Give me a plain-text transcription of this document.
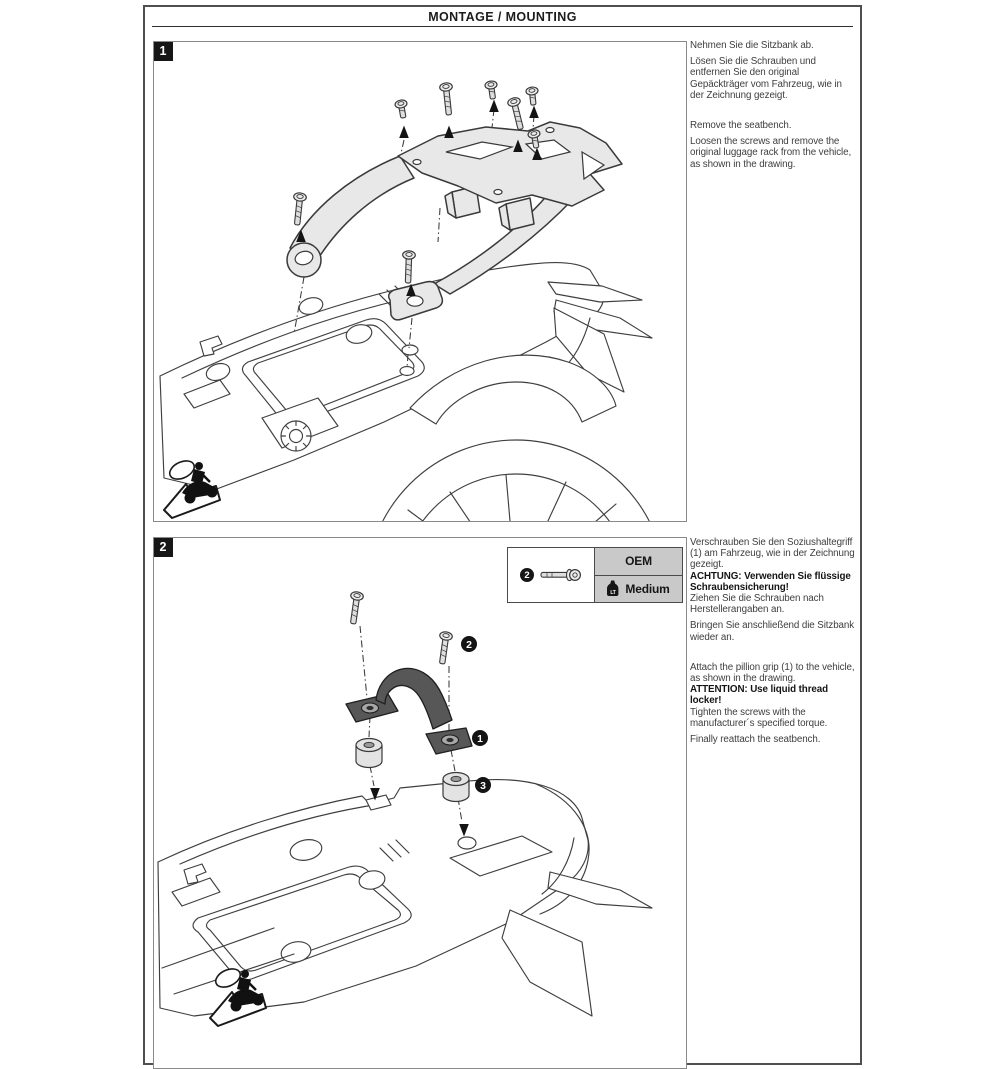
MONTAGE / MOUNTING
1	Nehmen Sie die Sitzbank ab.

Lösen Sie die Schrauben und entfernen Sie den original Gepäckträger vom Fahrzeug, wie in der Zeichnung gezeigt.

Remove the seatbench.

Loosen the screws and remove the original luggage rack from the vehicle, as shown in the drawing.

2
2
OEM
LT Medium
1
2
3

Verschrauben Sie den Soziushaltegriff (1) am Fahrzeug, wie in der Zeichnung gezeigt.

ACHTUNG: Verwenden Sie flüssige Schraubensicherung!

Ziehen Sie die Schrauben nach Herstellerangaben an.

Bringen Sie anschließend die Sitzbank wieder an.

Attach the pillion grip (1) to the vehicle, as shown in the drawing.

ATTENTION: Use liquid thread locker!

Tighten the screws with the manufacturer´s specified torque.

Finally reattach the seatbench.
